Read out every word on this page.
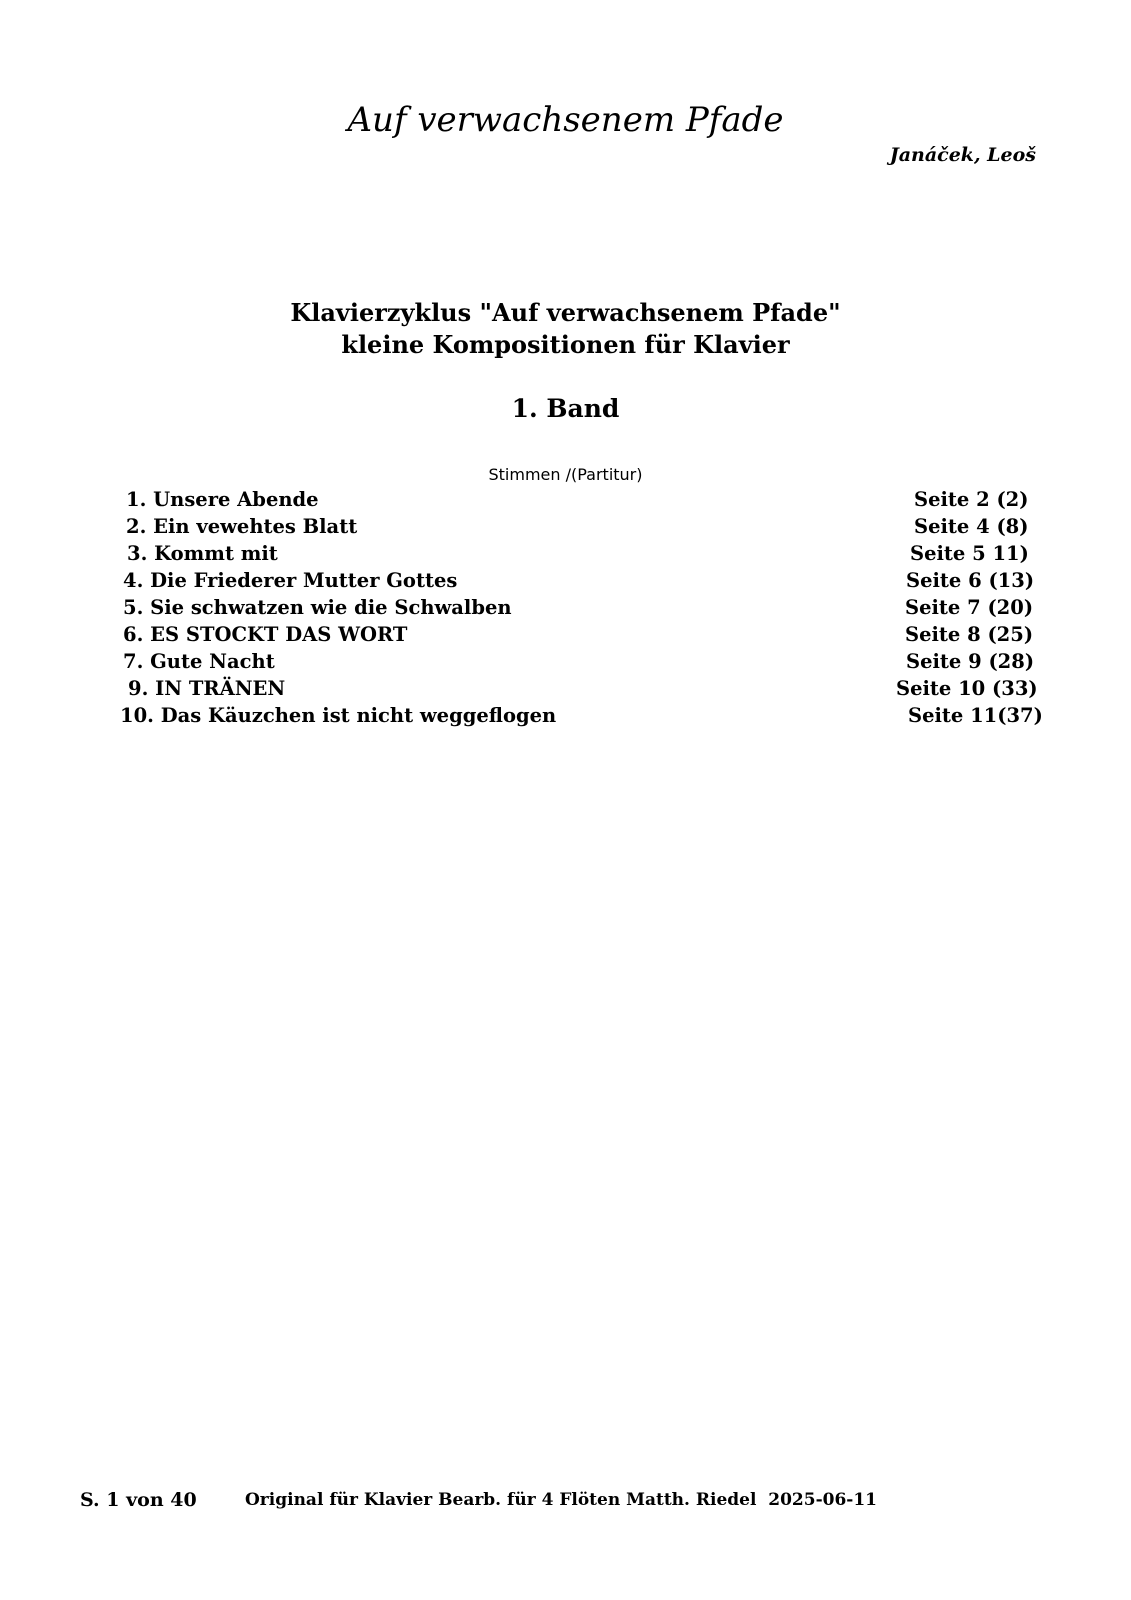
Auf verwachsenem Pfade
Janáček, Leoš
Klavierzyklus "Auf verwachsenem Pfade"
kleine Kompositionen für Klavier
1. Band
Stimmen /(Partitur)
1. Unsere Abende	Seite 2 (2)
2. Ein vewehtes Blatt	Seite 4 (8)
3. Kommt mit	Seite 5 11)
4. Die Friederer Mutter Gottes	Seite 6 (13)
5. Sie schwatzen wie die Schwalben	Seite 7 (20)
6. ES STOCKT DAS WORT	Seite 8 (25)
7. Gute Nacht	Seite 9 (28)
9. IN TRÄNEN	Seite 10 (33)
10. Das Käuzchen ist nicht weggeflogen	Seite 11(37)
S. 1 von 40	Original für Klavier Bearb. für 4 Flöten Matth. Riedel  2025-06-11
